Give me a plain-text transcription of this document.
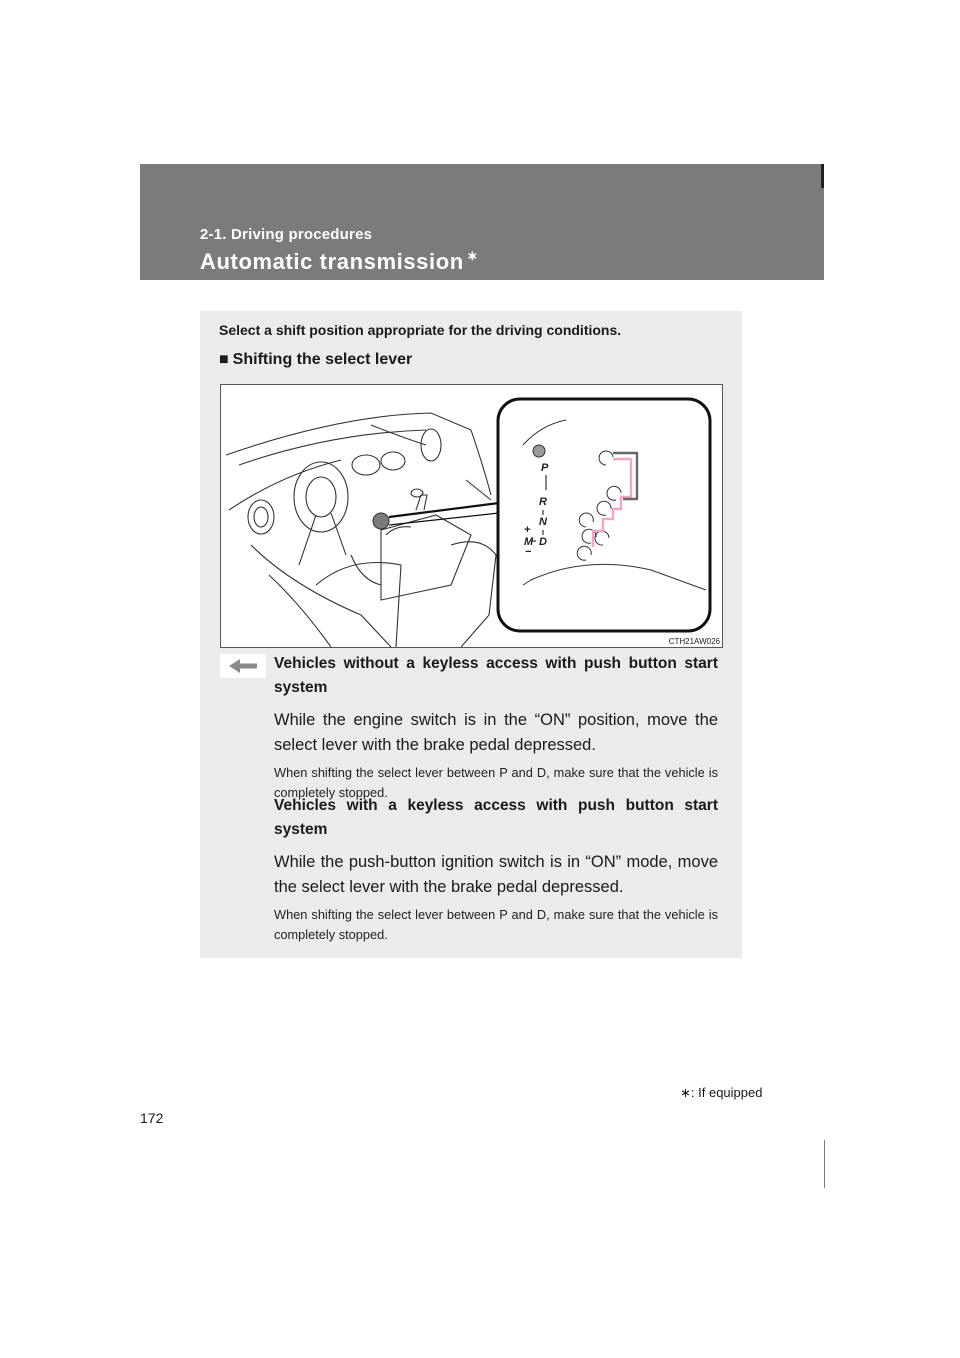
2-1. Driving procedures
Automatic transmission ∗
Select a shift position appropriate for the driving conditions.
■ Shifting the select lever
P
R
N
D
M
+
−
CTH21AW026
Vehicles without a keyless access with push button start system
While the engine switch is in the “ON” position, move the select lever with the brake pedal depressed.
When shifting the select lever between P and D, make sure that the vehicle is completely stopped.
Vehicles with a keyless access with push button start system
While the push-button ignition switch is in “ON” mode, move the select lever with the brake pedal depressed.
When shifting the select lever between P and D, make sure that the vehicle is completely stopped.
∗: If equipped
172
